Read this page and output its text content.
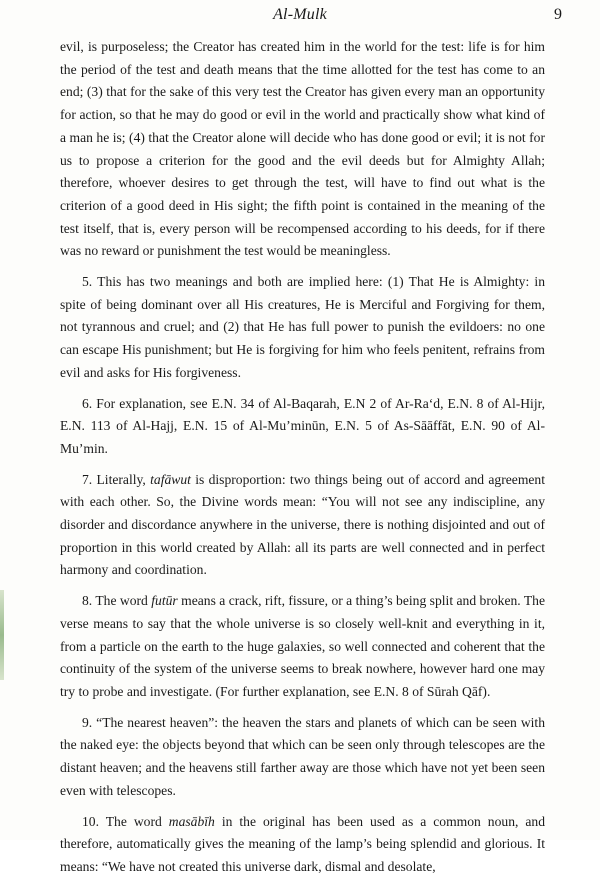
Al-Mulk	9

evil, is purposeless; the Creator has created him in the world for the test: life is for him the period of the test and death means that the time allotted for the test has come to an end; (3) that for the sake of this very test the Creator has given every man an opportunity for action, so that he may do good or evil in the world and practically show what kind of a man he is; (4) that the Creator alone will decide who has done good or evil; it is not for us to propose a criterion for the good and the evil deeds but for Almighty Allah; therefore, whoever desires to get through the test, will have to find out what is the criterion of a good deed in His sight; the fifth point is contained in the meaning of the test itself, that is, every person will be recompensed according to his deeds, for if there was no reward or punishment the test would be meaningless.

5. This has two meanings and both are implied here: (1) That He is Almighty: in spite of being dominant over all His creatures, He is Merciful and Forgiving for them, not tyrannous and cruel; and (2) that He has full power to punish the evildoers: no one can escape His punishment; but He is forgiving for him who feels penitent, refrains from evil and asks for His forgiveness.

6. For explanation, see E.N. 34 of Al-Baqarah, E.N 2 of Ar-Ra‘d, E.N. 8 of Al-Hijr, E.N. 113 of Al-Hajj, E.N. 15 of Al-Mu’minūn, E.N. 5 of As-Sāāffāt, E.N. 90 of Al-Mu’min.

7. Literally, tafāwut is disproportion: two things being out of accord and agreement with each other. So, the Divine words mean: “You will not see any indiscipline, any disorder and discordance anywhere in the universe, there is nothing disjointed and out of proportion in this world created by Allah: all its parts are well connected and in perfect harmony and coordination.

8. The word futūr means a crack, rift, fissure, or a thing’s being split and broken. The verse means to say that the whole universe is so closely well-knit and everything in it, from a particle on the earth to the huge galaxies, so well connected and coherent that the continuity of the system of the universe seems to break nowhere, however hard one may try to probe and investigate. (For further explanation, see E.N. 8 of Sūrah Qāf).

9. “The nearest heaven”: the heaven the stars and planets of which can be seen with the naked eye: the objects beyond that which can be seen only through telescopes are the distant heaven; and the heavens still farther away are those which have not yet been seen even with telescopes.

10. The word masābīh in the original has been used as a common noun, and therefore, automatically gives the meaning of the lamp’s being splendid and glorious. It means: “We have not created this universe dark, dismal and desolate,
